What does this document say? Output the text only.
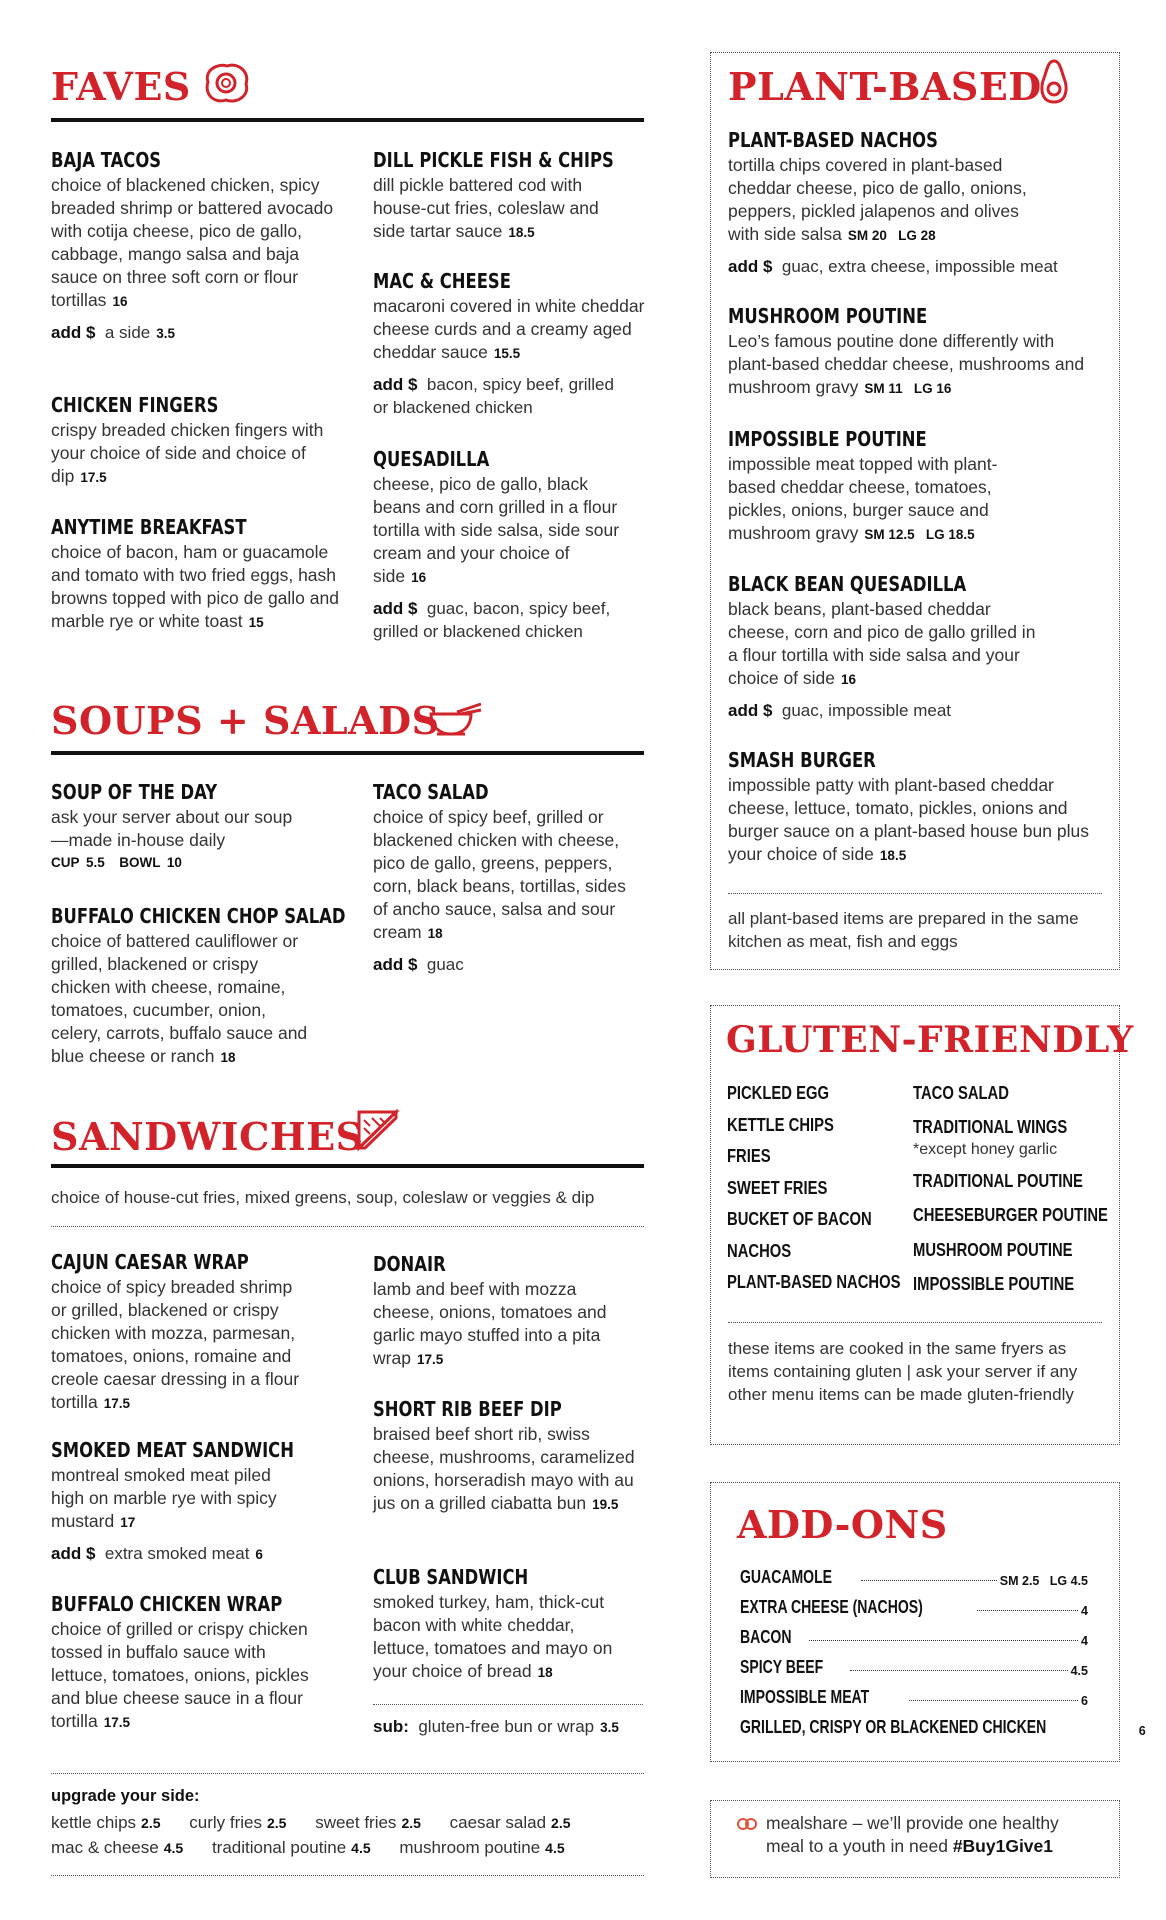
FAVES
BAJA TACOS
choice of blackened chicken, spicy breaded shrimp or battered avocado with cotija cheese, pico de gallo, cabbage, mango salsa and baja sauce on three soft corn or flour tortillas 16
add $ a side 3.5
CHICKEN FINGERS
crispy breaded chicken fingers with your choice of side and choice of dip 17.5
ANYTIME BREAKFAST
choice of bacon, ham or guacamole and tomato with two fried eggs, hash browns topped with pico de gallo and marble rye or white toast 15
DILL PICKLE FISH & CHIPS
dill pickle battered cod with house-cut fries, coleslaw and side tartar sauce 18.5
MAC & CHEESE
macaroni covered in white cheddar cheese curds and a creamy aged cheddar sauce 15.5
add $ bacon, spicy beef, grilled or blackened chicken
QUESADILLA
cheese, pico de gallo, black beans and corn grilled in a flour tortilla with side salsa, side sour cream and your choice of side 16
add $ guac, bacon, spicy beef, grilled or blackened chicken
SOUPS + SALADS
SOUP OF THE DAY
ask your server about our soup—made in-house daily
CUP 5.5 BOWL 10
BUFFALO CHICKEN CHOP SALAD
choice of battered cauliflower or grilled, blackened or crispy chicken with cheese, romaine, tomatoes, cucumber, onion, celery, carrots, buffalo sauce and blue cheese or ranch 18
TACO SALAD
choice of spicy beef, grilled or blackened chicken with cheese, pico de gallo, greens, peppers, corn, black beans, tortillas, sides of ancho sauce, salsa and sour cream 18
add $ guac
SANDWICHES
choice of house-cut fries, mixed greens, soup, coleslaw or veggies & dip
CAJUN CAESAR WRAP
choice of spicy breaded shrimp or grilled, blackened or crispy chicken with mozza, parmesan, tomatoes, onions, romaine and creole caesar dressing in a flour tortilla 17.5
SMOKED MEAT SANDWICH
montreal smoked meat piled high on marble rye with spicy mustard 17
add $ extra smoked meat 6
BUFFALO CHICKEN WRAP
choice of grilled or crispy chicken tossed in buffalo sauce with lettuce, tomatoes, onions, pickles and blue cheese sauce in a flour tortilla 17.5
DONAIR
lamb and beef with mozza cheese, onions, tomatoes and garlic mayo stuffed into a pita wrap 17.5
SHORT RIB BEEF DIP
braised beef short rib, swiss cheese, mushrooms, caramelized onions, horseradish mayo with au jus on a grilled ciabatta bun 19.5
CLUB SANDWICH
smoked turkey, ham, thick-cut bacon with white cheddar, lettuce, tomatoes and mayo on your choice of bread 18
sub: gluten-free bun or wrap 3.5
upgrade your side:
kettle chips 2.5 curly fries 2.5 sweet fries 2.5 caesar salad 2.5
mac & cheese 4.5 traditional poutine 4.5 mushroom poutine 4.5
PLANT-BASED
PLANT-BASED NACHOS
tortilla chips covered in plant-based cheddar cheese, pico de gallo, onions, peppers, pickled jalapenos and olives with side salsa SM 20   LG 28
add $ guac, extra cheese, impossible meat
MUSHROOM POUTINE
Leo’s famous poutine done differently with plant-based cheddar cheese, mushrooms and mushroom gravy SM 11   LG 16
IMPOSSIBLE POUTINE
impossible meat topped with plant-based cheddar cheese, tomatoes, pickles, onions, burger sauce and mushroom gravy SM 12.5   LG 18.5
BLACK BEAN QUESADILLA
black beans, plant-based cheddar cheese, corn and pico de gallo grilled in a flour tortilla with side salsa and your choice of side 16
add $ guac, impossible meat
SMASH BURGER
impossible patty with plant-based cheddar cheese, lettuce, tomato, pickles, onions and burger sauce on a plant-based house bun plus your choice of side 18.5
all plant-based items are prepared in the same kitchen as meat, fish and eggs
GLUTEN-FRIENDLY
PICKLED EGG
KETTLE CHIPS
FRIES
SWEET FRIES
BUCKET OF BACON
NACHOS
PLANT-BASED NACHOS
TACO SALAD
TRADITIONAL WINGS
*except honey garlic
TRADITIONAL POUTINE
CHEESEBURGER POUTINE
MUSHROOM POUTINE
IMPOSSIBLE POUTINE
these items are cooked in the same fryers as items containing gluten | ask your server if any other menu items can be made gluten-friendly
ADD-ONS
GUACAMOLE	SM 2.5   LG 4.5
EXTRA CHEESE (NACHOS)	4
BACON	4
SPICY BEEF	4.5
IMPOSSIBLE MEAT	6
GRILLED, CRISPY OR BLACKENED CHICKEN	6
mealshare – we’ll provide one healthy meal to a youth in need #Buy1Give1
